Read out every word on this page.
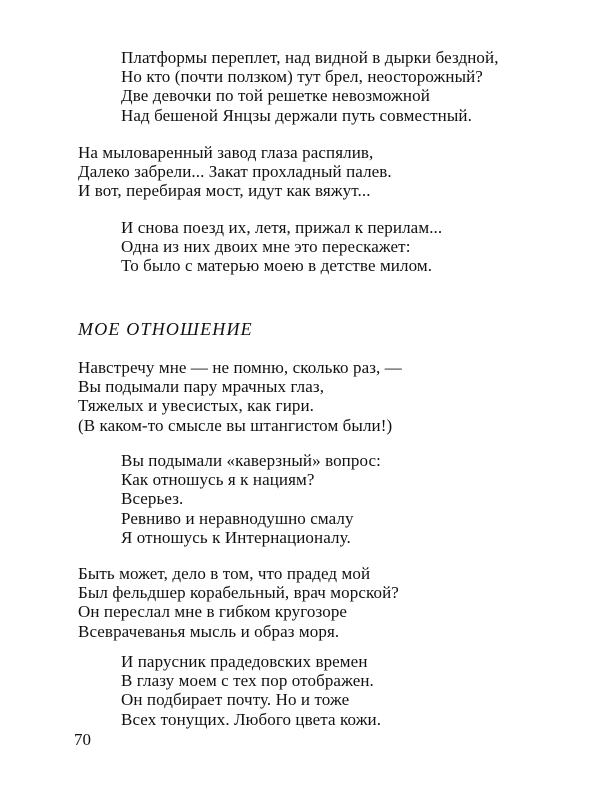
Платформы переплет, над видной в дырки бездной,
Но кто (почти ползком) тут брел, неосторожный?
Две девочки по той решетке невозможной
Над бешеной Янцзы держали путь совместный.
На мыловаренный завод глаза распялив,
Далеко забрели... Закат прохладный палев.
И вот, перебирая мост, идут как вяжут...
И снова поезд их, летя, прижал к перилам...
Одна из них двоих мне это перескажет:
То было с матерью моею в детстве милом.
МОЕ ОТНОШЕНИЕ
Навстречу мне — не помню, сколько раз, —
Вы подымали пару мрачных глаз,
Тяжелых и увесистых, как гири.
(В каком-то смысле вы штангистом были!)
Вы подымали «каверзный» вопрос:
Как отношусь я к нациям?
Всерьез.
Ревниво и неравнодушно смалу
Я отношусь к Интернационалу.
Быть может, дело в том, что прадед мой
Был фельдшер корабельный, врач морской?
Он переслал мне в гибком кругозоре
Всеврачеванья мысль и образ моря.
И парусник прадедовских времен
В глазу моем с тех пор отображен.
Он подбирает почту. Но и тоже
Всех тонущих. Любого цвета кожи.
70
